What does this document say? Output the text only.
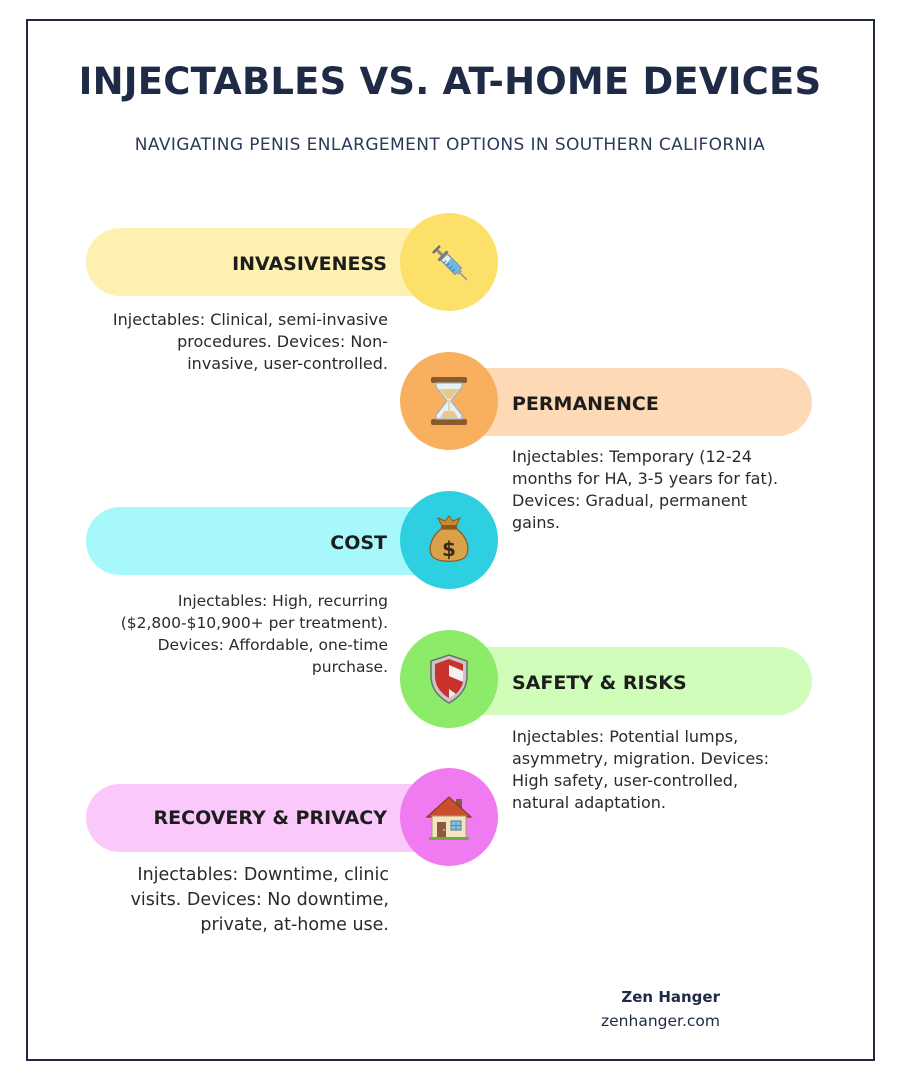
INJECTABLES VS. AT-HOME DEVICES

NAVIGATING PENIS ENLARGEMENT OPTIONS IN SOUTHERN CALIFORNIA

INVASIVENESS

Injectables: Clinical, semi-invasive procedures. Devices: Non-invasive, user-controlled.

PERMANENCE

Injectables: Temporary (12-24 months for HA, 3-5 years for fat). Devices: Gradual, permanent gains.

COST	$

Injectables: High, recurring ($2,800-$10,900+ per treatment). Devices: Affordable, one-time purchase.

SAFETY & RISKS

Injectables: Potential lumps, asymmetry, migration. Devices: High safety, user-controlled, natural adaptation.

RECOVERY & PRIVACY

Injectables: Downtime, clinic visits. Devices: No downtime, private, at-home use.

Zen Hanger
zenhanger.com
